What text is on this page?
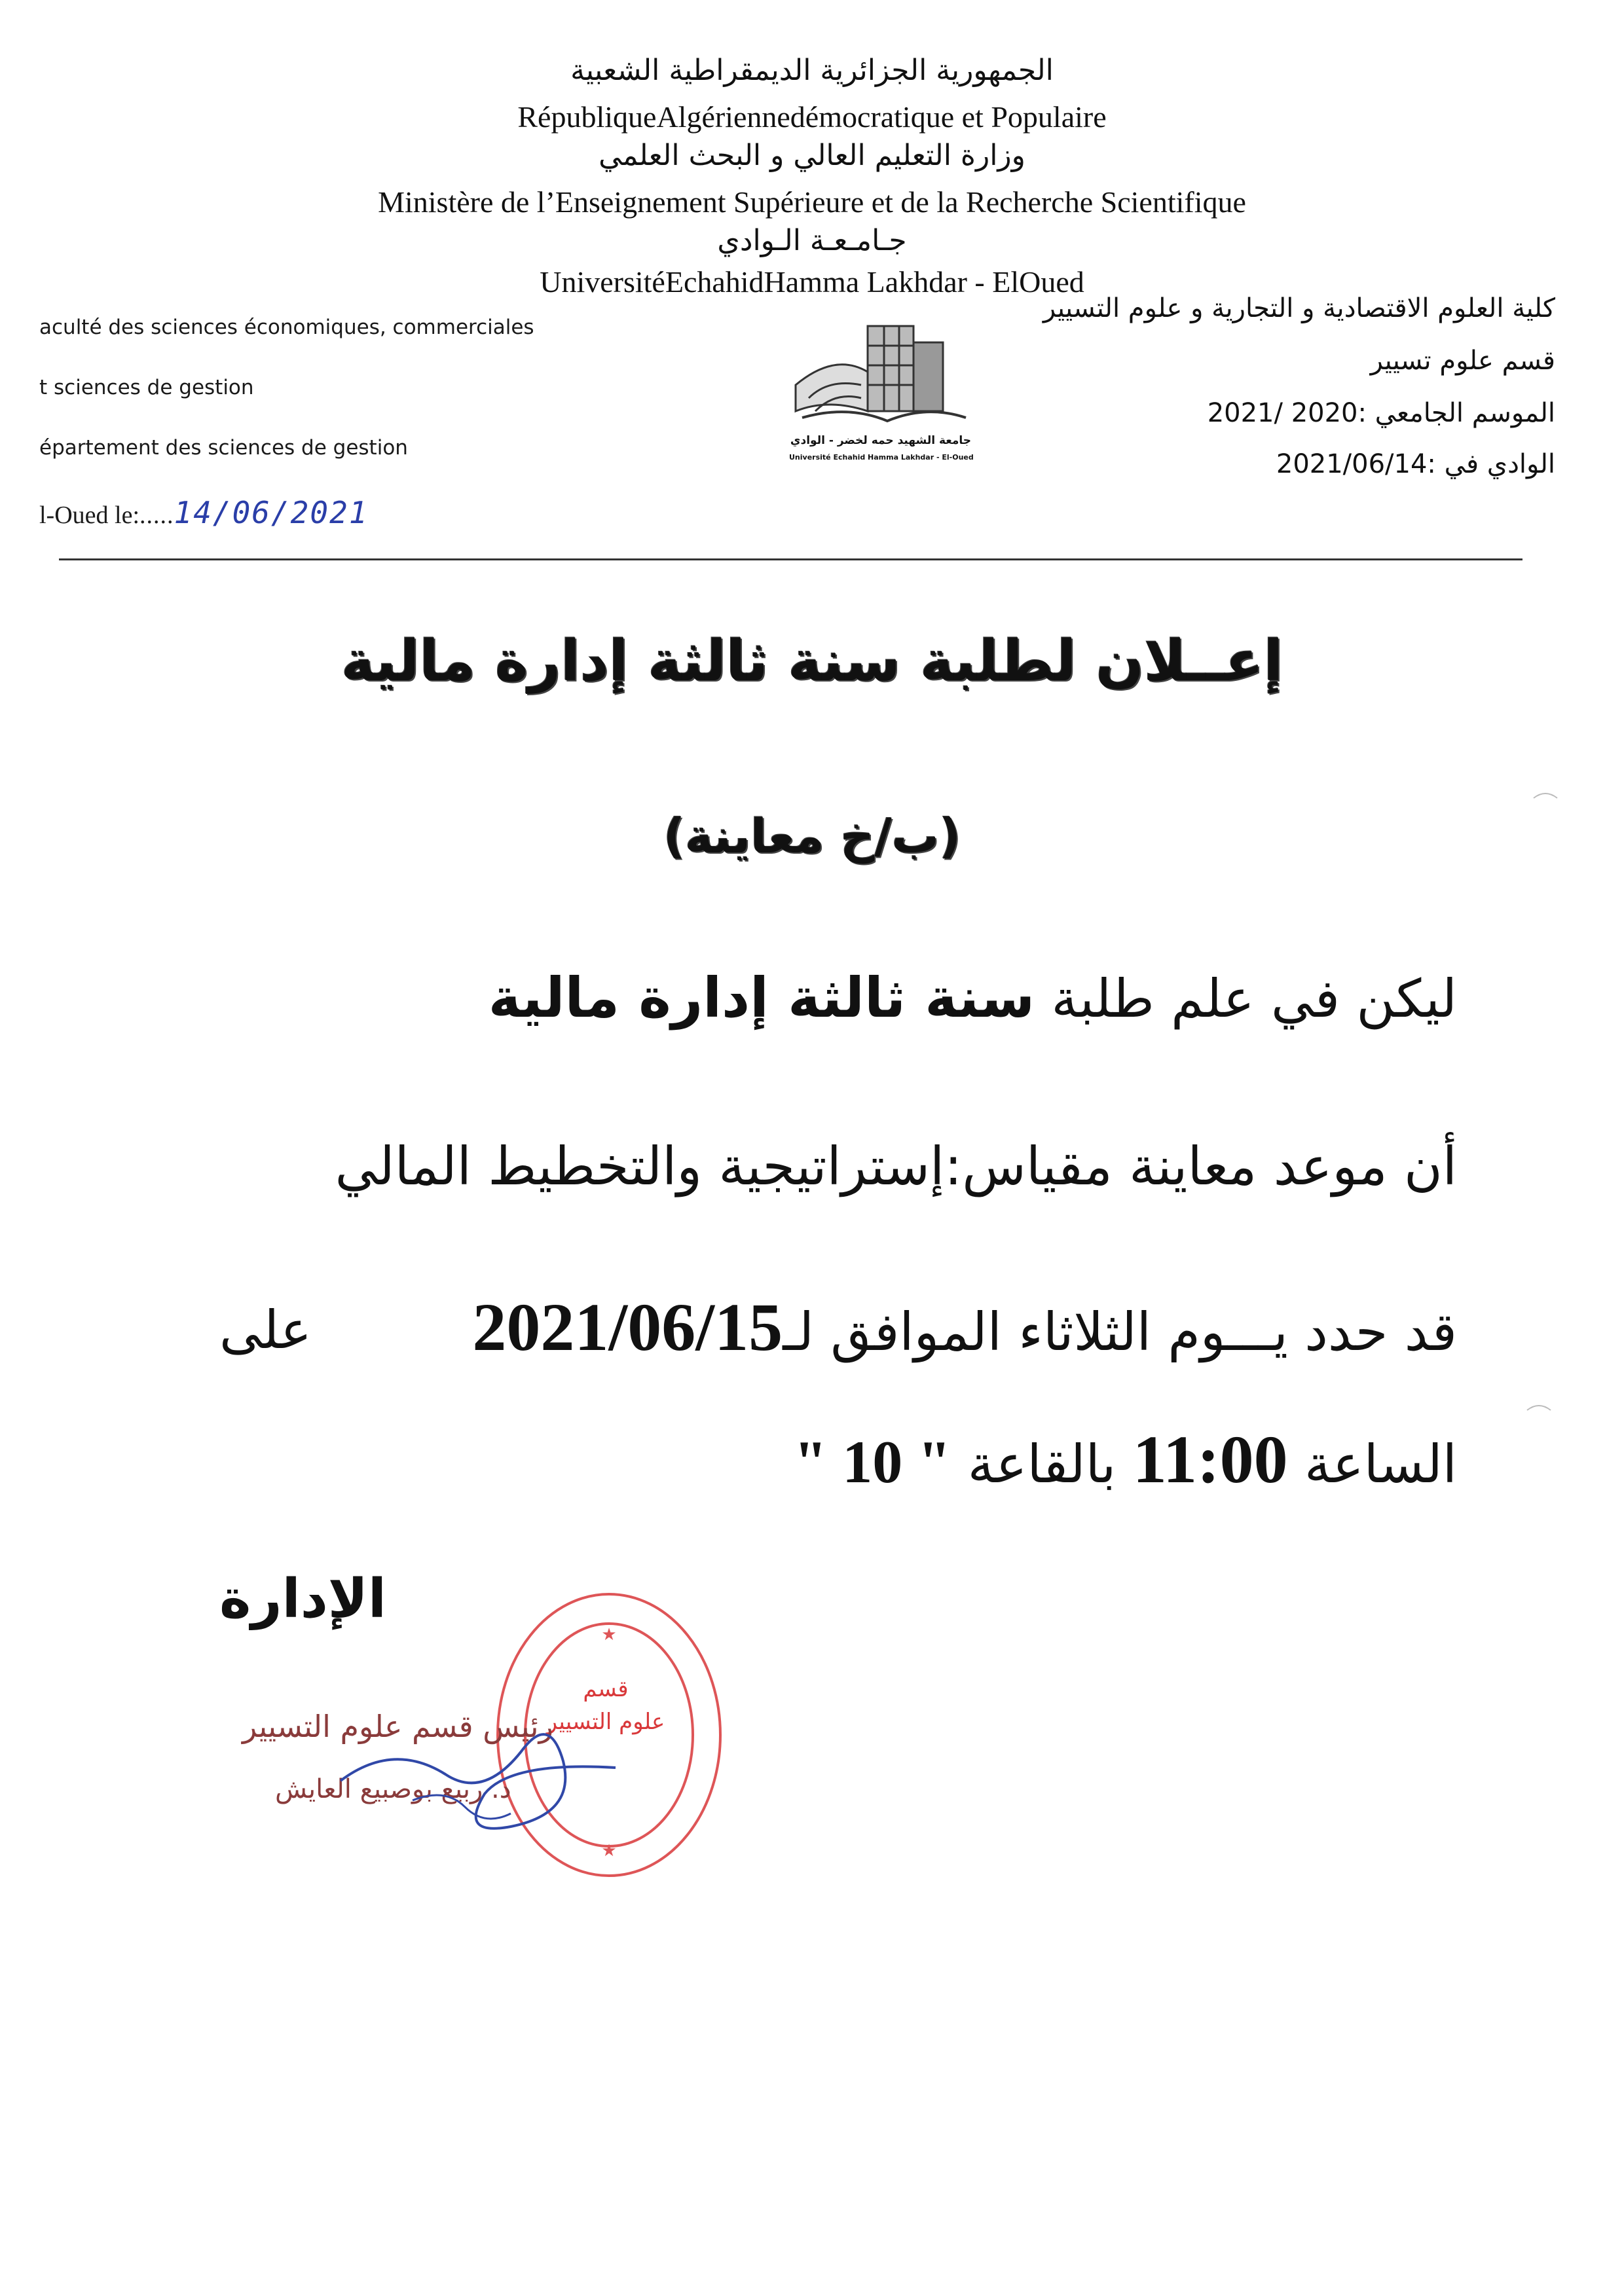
الجمهورية الجزائرية الديمقراطية الشعبية
RépubliqueAlgériennedémocratique et Populaire
وزارة التعليم العالي و البحث العلمي
Ministère de l’Enseignement Supérieure et de la Recherche Scientifique
جـامـعـة الـوادي
UniversitéEchahidHamma Lakhdar - ElOued
aculté des sciences économiques, commerciales
t sciences de gestion
épartement des sciences de gestion
l-Oued le:.....14/06/2021
جامعة الشهيد حمه لخضر - الوادي
Université Echahid Hamma Lakhdar - El-Oued
كلية العلوم الاقتصادية و التجارية و علوم التسيير
قسم علوم تسيير
الموسم الجامعي :2020 /2021
الوادي في :2021/06/14
إعــلان لطلبة سنة ثالثة إدارة مالية
(ب/خ معاينة)
ليكن في علم طلبة سنة ثالثة إدارة مالية
أن موعد معاينة مقياس:إستراتيجية والتخطيط المالي
قد حدد يـــوم الثلاثاء الموافق لـ2021/06/15
على
الساعة 11:00 بالقاعة " 10 "
الإدارة
★
★
قسم
علوم التسيير
رئيس قسم علوم التسيير
د. ربيع بوصبيع العايش
